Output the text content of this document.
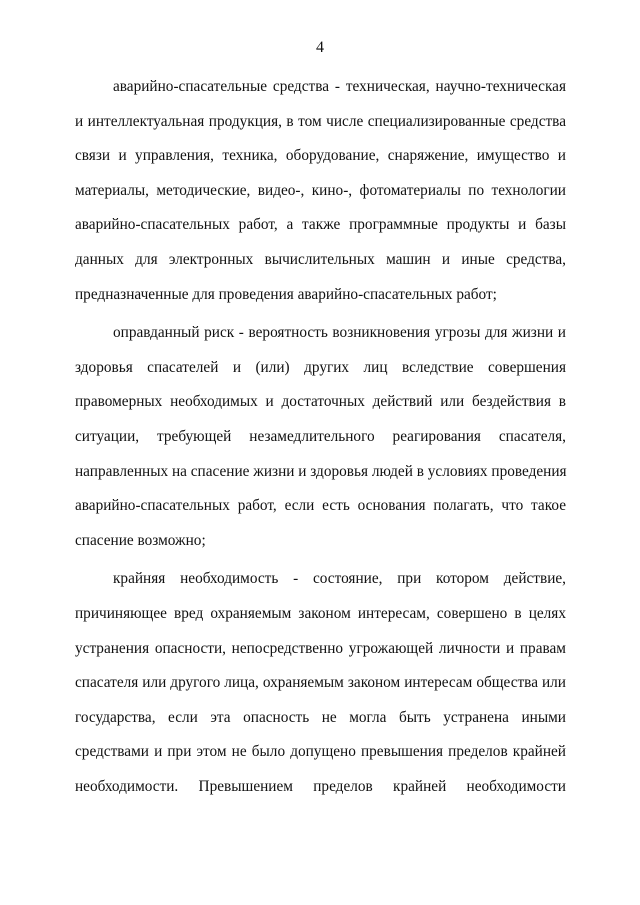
4
аварийно-спасательные средства - техническая, научно-техническая
и интеллектуальная продукция, в том числе специализированные средства
связи и управления, техника, оборудование, снаряжение, имущество и
материалы, методические, видео-, кино-, фотоматериалы по технологии
аварийно-спасательных работ, а также программные продукты и базы
данных для электронных вычислительных машин и иные средства,
предназначенные для проведения аварийно-спасательных работ;
оправданный риск - вероятность возникновения угрозы для жизни и
здоровья спасателей и (или) других лиц вследствие совершения
правомерных необходимых и достаточных действий или бездействия в
ситуации, требующей незамедлительного реагирования спасателя,
направленных на спасение жизни и здоровья людей в условиях проведения
аварийно-спасательных работ, если есть основания полагать, что такое
спасение возможно;
крайняя необходимость - состояние, при котором действие,
причиняющее вред охраняемым законом интересам, совершено в целях
устранения опасности, непосредственно угрожающей личности и правам
спасателя или другого лица, охраняемым законом интересам общества или
государства, если эта опасность не могла быть устранена иными
средствами и при этом не было допущено превышения пределов крайней
необходимости. Превышением пределов крайней необходимости
